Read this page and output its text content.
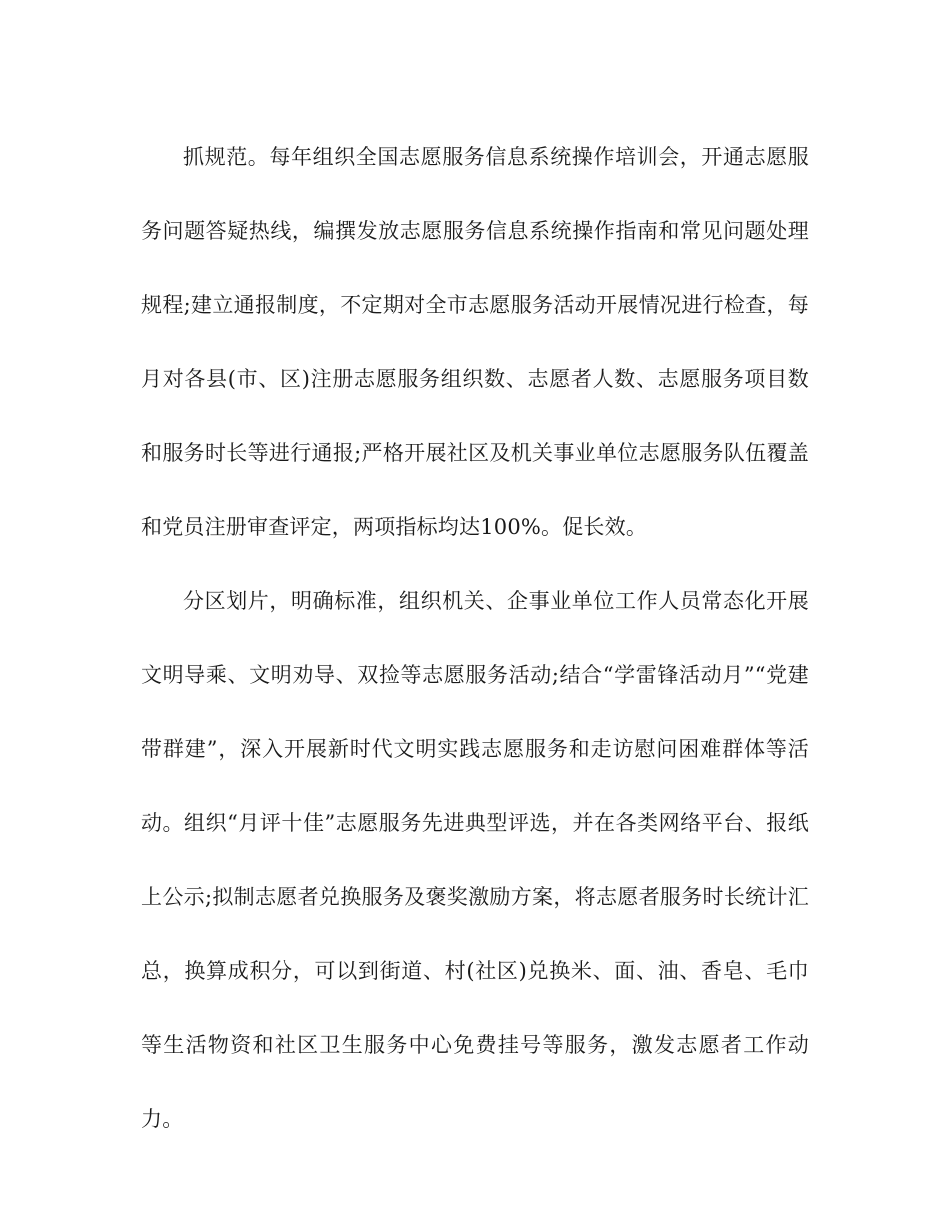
抓规范。每年组织全国志愿服务信息系统操作培训会，开通志愿服务问题答疑热线，编撰发放志愿服务信息系统操作指南和常见问题处理规程;建立通报制度，不定期对全市志愿服务活动开展情况进行检查，每月对各县(市、区)注册志愿服务组织数、志愿者人数、志愿服务项目数和服务时长等进行通报;严格开展社区及机关事业单位志愿服务队伍覆盖和党员注册审查评定，两项指标均达100%。促长效。

分区划片，明确标准，组织机关、企事业单位工作人员常态化开展文明导乘、文明劝导、双捡等志愿服务活动;结合“学雷锋活动月”“党建带群建”，深入开展新时代文明实践志愿服务和走访慰问困难群体等活动。组织“月评十佳”志愿服务先进典型评选，并在各类网络平台、报纸上公示;拟制志愿者兑换服务及褒奖激励方案，将志愿者服务时长统计汇总，换算成积分，可以到街道、村(社区)兑换米、面、油、香皂、毛巾等生活物资和社区卫生服务中心免费挂号等服务，激发志愿者工作动力。
